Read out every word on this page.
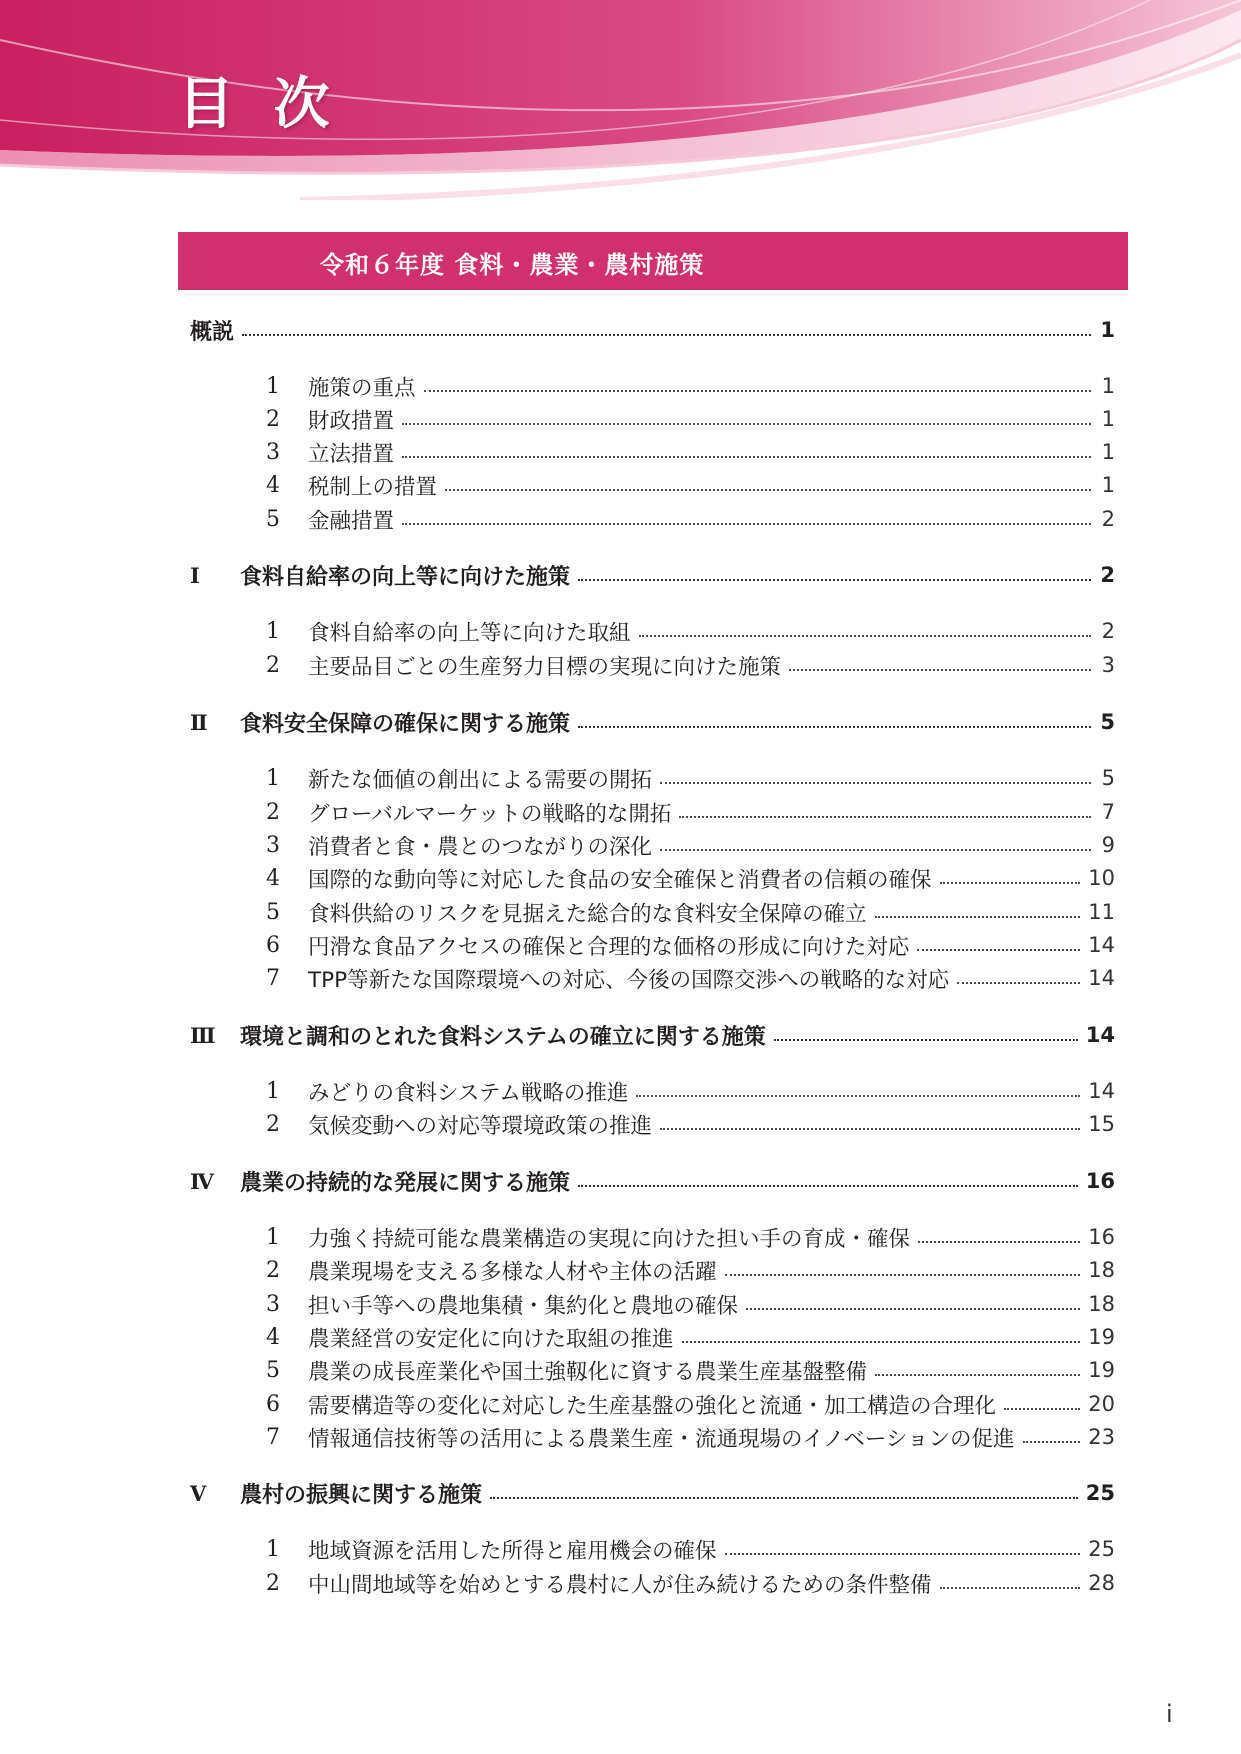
目 次
令和６年度 食料・農業・農村施策
概説	1
1	施策の重点	1
2	財政措置	1
3	立法措置	1
4	税制上の措置	1
5	金融措置	2
Ⅰ	食料自給率の向上等に向けた施策	2
1	食料自給率の向上等に向けた取組	2
2	主要品目ごとの生産努力目標の実現に向けた施策	3
Ⅱ	食料安全保障の確保に関する施策	5
1	新たな価値の創出による需要の開拓	5
2	グローバルマーケットの戦略的な開拓	7
3	消費者と食・農とのつながりの深化	9
4	国際的な動向等に対応した食品の安全確保と消費者の信頼の確保	10
5	食料供給のリスクを見据えた総合的な食料安全保障の確立	11
6	円滑な食品アクセスの確保と合理的な価格の形成に向けた対応	14
7	TPP等新たな国際環境への対応、今後の国際交渉への戦略的な対応	14
Ⅲ	環境と調和のとれた食料システムの確立に関する施策	14
1	みどりの食料システム戦略の推進	14
2	気候変動への対応等環境政策の推進	15
Ⅳ	農業の持続的な発展に関する施策	16
1	力強く持続可能な農業構造の実現に向けた担い手の育成・確保	16
2	農業現場を支える多様な人材や主体の活躍	18
3	担い手等への農地集積・集約化と農地の確保	18
4	農業経営の安定化に向けた取組の推進	19
5	農業の成長産業化や国土強靱化に資する農業生産基盤整備	19
6	需要構造等の変化に対応した生産基盤の強化と流通・加工構造の合理化	20
7	情報通信技術等の活用による農業生産・流通現場のイノベーションの促進	23
Ⅴ	農村の振興に関する施策	25
1	地域資源を活用した所得と雇用機会の確保	25
2	中山間地域等を始めとする農村に人が住み続けるための条件整備	28
i
